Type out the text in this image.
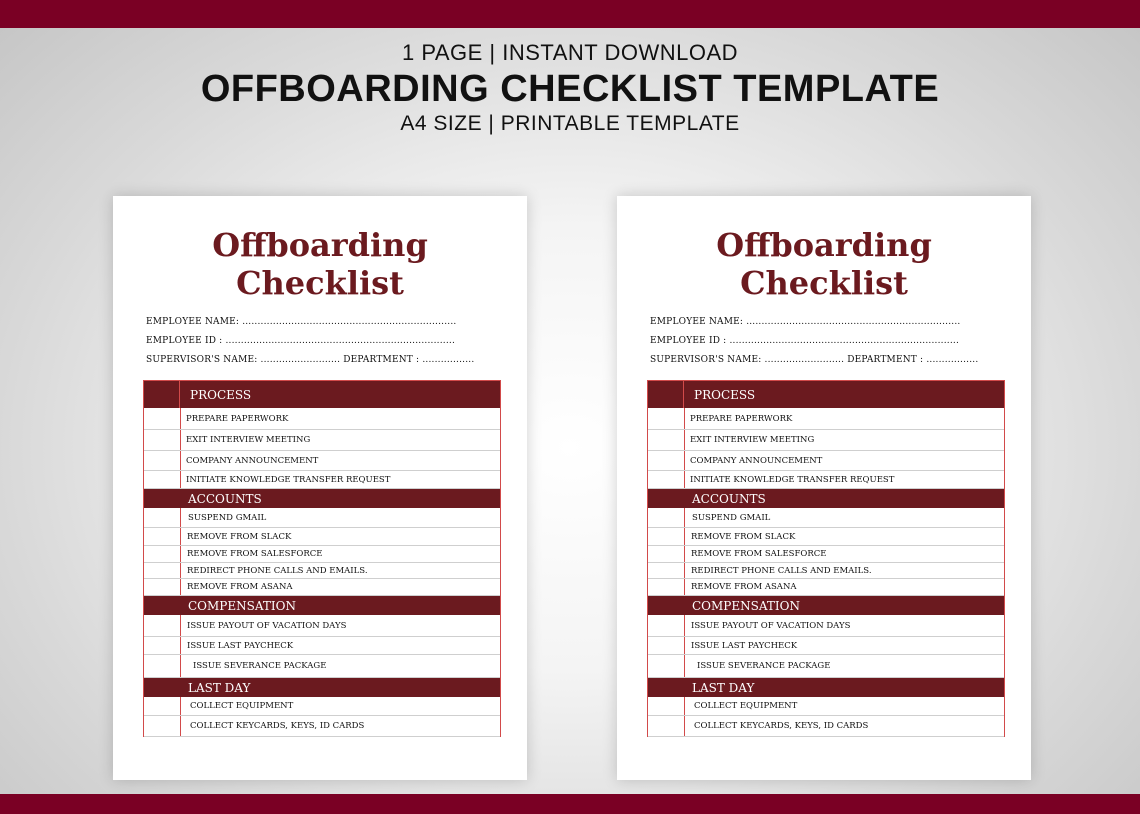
1 PAGE | INSTANT DOWNLOAD
OFFBOARDING CHECKLIST TEMPLATE
A4 SIZE | PRINTABLE TEMPLATE
Offboarding
Checklist
EMPLOYEE NAME: ......................................................................
EMPLOYEE ID : ...........................................................................
SUPERVISOR'S NAME: .......................... DEPARTMENT : .................
PROCESS
PREPARE PAPERWORK
EXIT INTERVIEW MEETING
COMPANY ANNOUNCEMENT
INITIATE KNOWLEDGE TRANSFER REQUEST
ACCOUNTS
SUSPEND GMAIL
REMOVE FROM SLACK
REMOVE FROM SALESFORCE
REDIRECT PHONE CALLS AND EMAILS.
REMOVE FROM ASANA
COMPENSATION
ISSUE PAYOUT OF VACATION DAYS
ISSUE LAST PAYCHECK
ISSUE SEVERANCE PACKAGE
LAST DAY
COLLECT EQUIPMENT
COLLECT KEYCARDS, KEYS, ID CARDS
Offboarding
Checklist
EMPLOYEE NAME: ......................................................................
EMPLOYEE ID : ...........................................................................
SUPERVISOR'S NAME: .......................... DEPARTMENT : .................
PROCESS
PREPARE PAPERWORK
EXIT INTERVIEW MEETING
COMPANY ANNOUNCEMENT
INITIATE KNOWLEDGE TRANSFER REQUEST
ACCOUNTS
SUSPEND GMAIL
REMOVE FROM SLACK
REMOVE FROM SALESFORCE
REDIRECT PHONE CALLS AND EMAILS.
REMOVE FROM ASANA
COMPENSATION
ISSUE PAYOUT OF VACATION DAYS
ISSUE LAST PAYCHECK
ISSUE SEVERANCE PACKAGE
LAST DAY
COLLECT EQUIPMENT
COLLECT KEYCARDS, KEYS, ID CARDS
